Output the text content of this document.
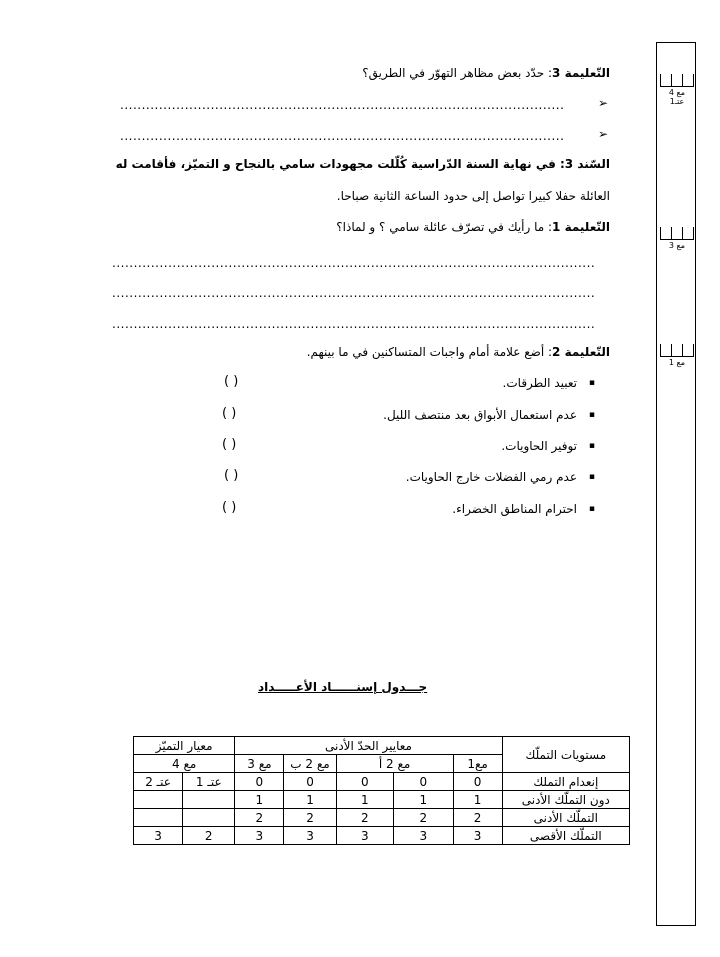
مع 4
عتـ1
مع 3
مع 1
التّعليمة 3: حدّد بعض مظاهر التهوّر في الطريق؟
➢
.......................................................................................................
➢
.......................................................................................................
السّند 3: في نهاية السنة الدّراسية كُلّلت مجهودات سامي بالنجاح و التميّز، فأقامت له
العائلة حفلا كبيرا تواصل إلى حدود الساعة الثانية صباحا.
التّعليمة 1: ما رأيك في تصرّف عائلة سامي ؟ و لماذا؟
................................................................................................................
................................................................................................................
................................................................................................................
التّعليمة 2: أضع علامة أمام واجبات المتساكنين في ما بينهم.
▪ تعبيد الطرقات.
( )
▪ عدم استعمال الأبواق بعد منتصف الليل.
( )
▪ توفير الحاويات.
( )
▪ عدم رمي الفضلات خارج الحاويات.
( )
▪ احترام المناطق الخضراء.
( )
جـــدول إسنــــــاد الأعـــــداد
مستويات التملّك	معايير الحدّ الأدنى					معيار التميّز	
	مع1	مع 2 أ		مع 2 ب	مع 3	مع 4	
إنعدام التملك	0	0	0	0	0	عتـ 1	عتـ 2
دون التملّك الأدنى	1	1	1	1	1		
التملّك الأدنى	2	2	2	2	2		
التملّك الأقصى	3	3	3	3	3	2	3
